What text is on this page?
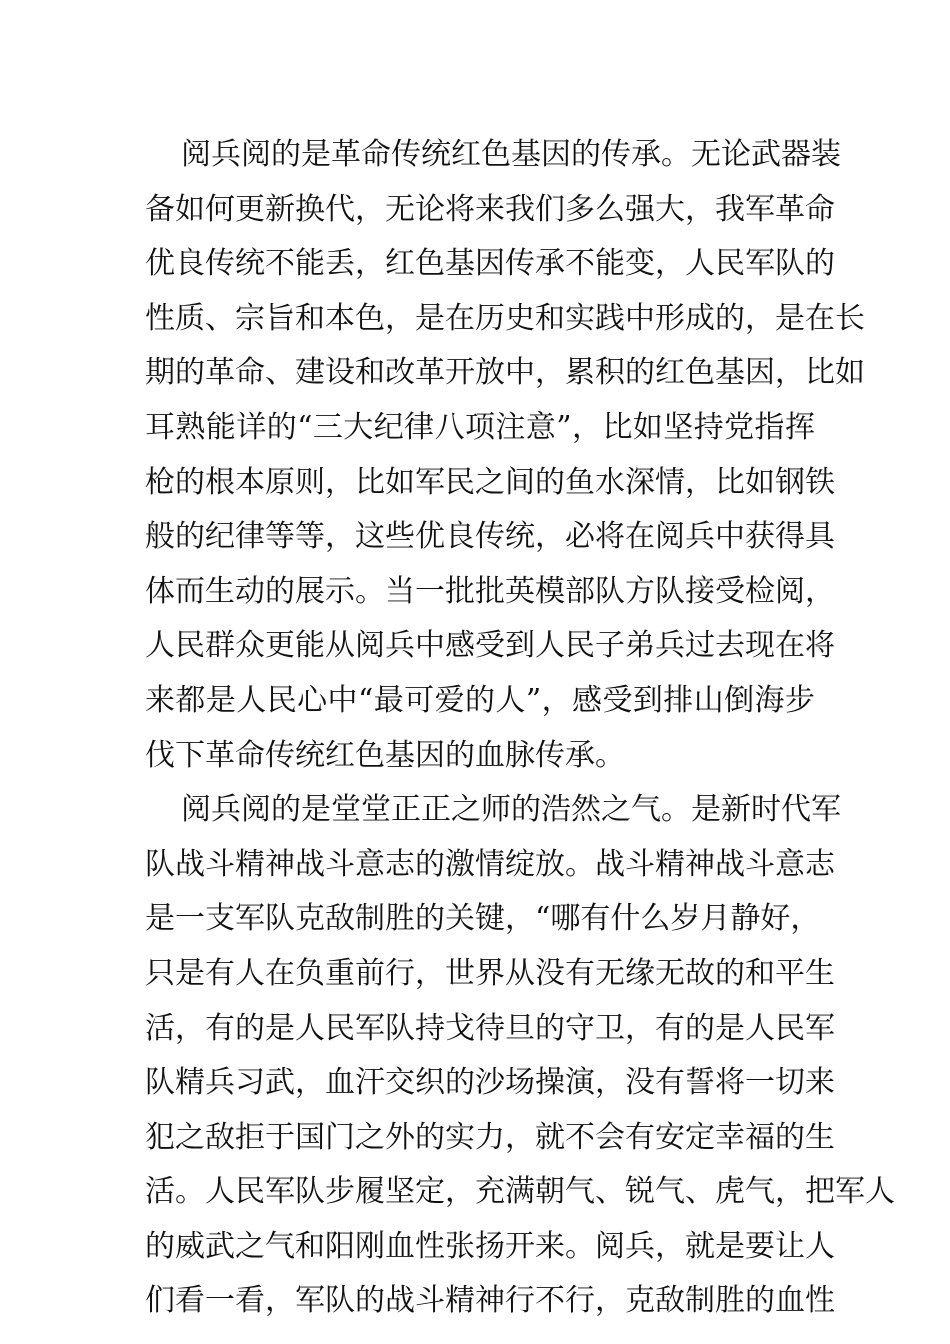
阅兵阅的是革命传统红色基因的传承。无论武器装
备如何更新换代，无论将来我们多么强大，我军革命
优良传统不能丢，红色基因传承不能变，人民军队的
性质、宗旨和本色，是在历史和实践中形成的，是在长
期的革命、建设和改革开放中，累积的红色基因，比如
耳熟能详的“三大纪律八项注意”，比如坚持党指挥
枪的根本原则，比如军民之间的鱼水深情，比如钢铁
般的纪律等等，这些优良传统，必将在阅兵中获得具
体而生动的展示。当一批批英模部队方队接受检阅，
人民群众更能从阅兵中感受到人民子弟兵过去现在将
来都是人民心中“最可爱的人”，感受到排山倒海步
伐下革命传统红色基因的血脉传承。
阅兵阅的是堂堂正正之师的浩然之气。是新时代军
队战斗精神战斗意志的激情绽放。战斗精神战斗意志
是一支军队克敌制胜的关键，“哪有什么岁月静好，
只是有人在负重前行，世界从没有无缘无故的和平生
活，有的是人民军队持戈待旦的守卫，有的是人民军
队精兵习武，血汗交织的沙场操演，没有誓将一切来
犯之敌拒于国门之外的实力，就不会有安定幸福的生
活。人民军队步履坚定，充满朝气、锐气、虎气，把军人
的威武之气和阳刚血性张扬开来。阅兵，就是要让人
们看一看，军队的战斗精神行不行，克敌制胜的血性
